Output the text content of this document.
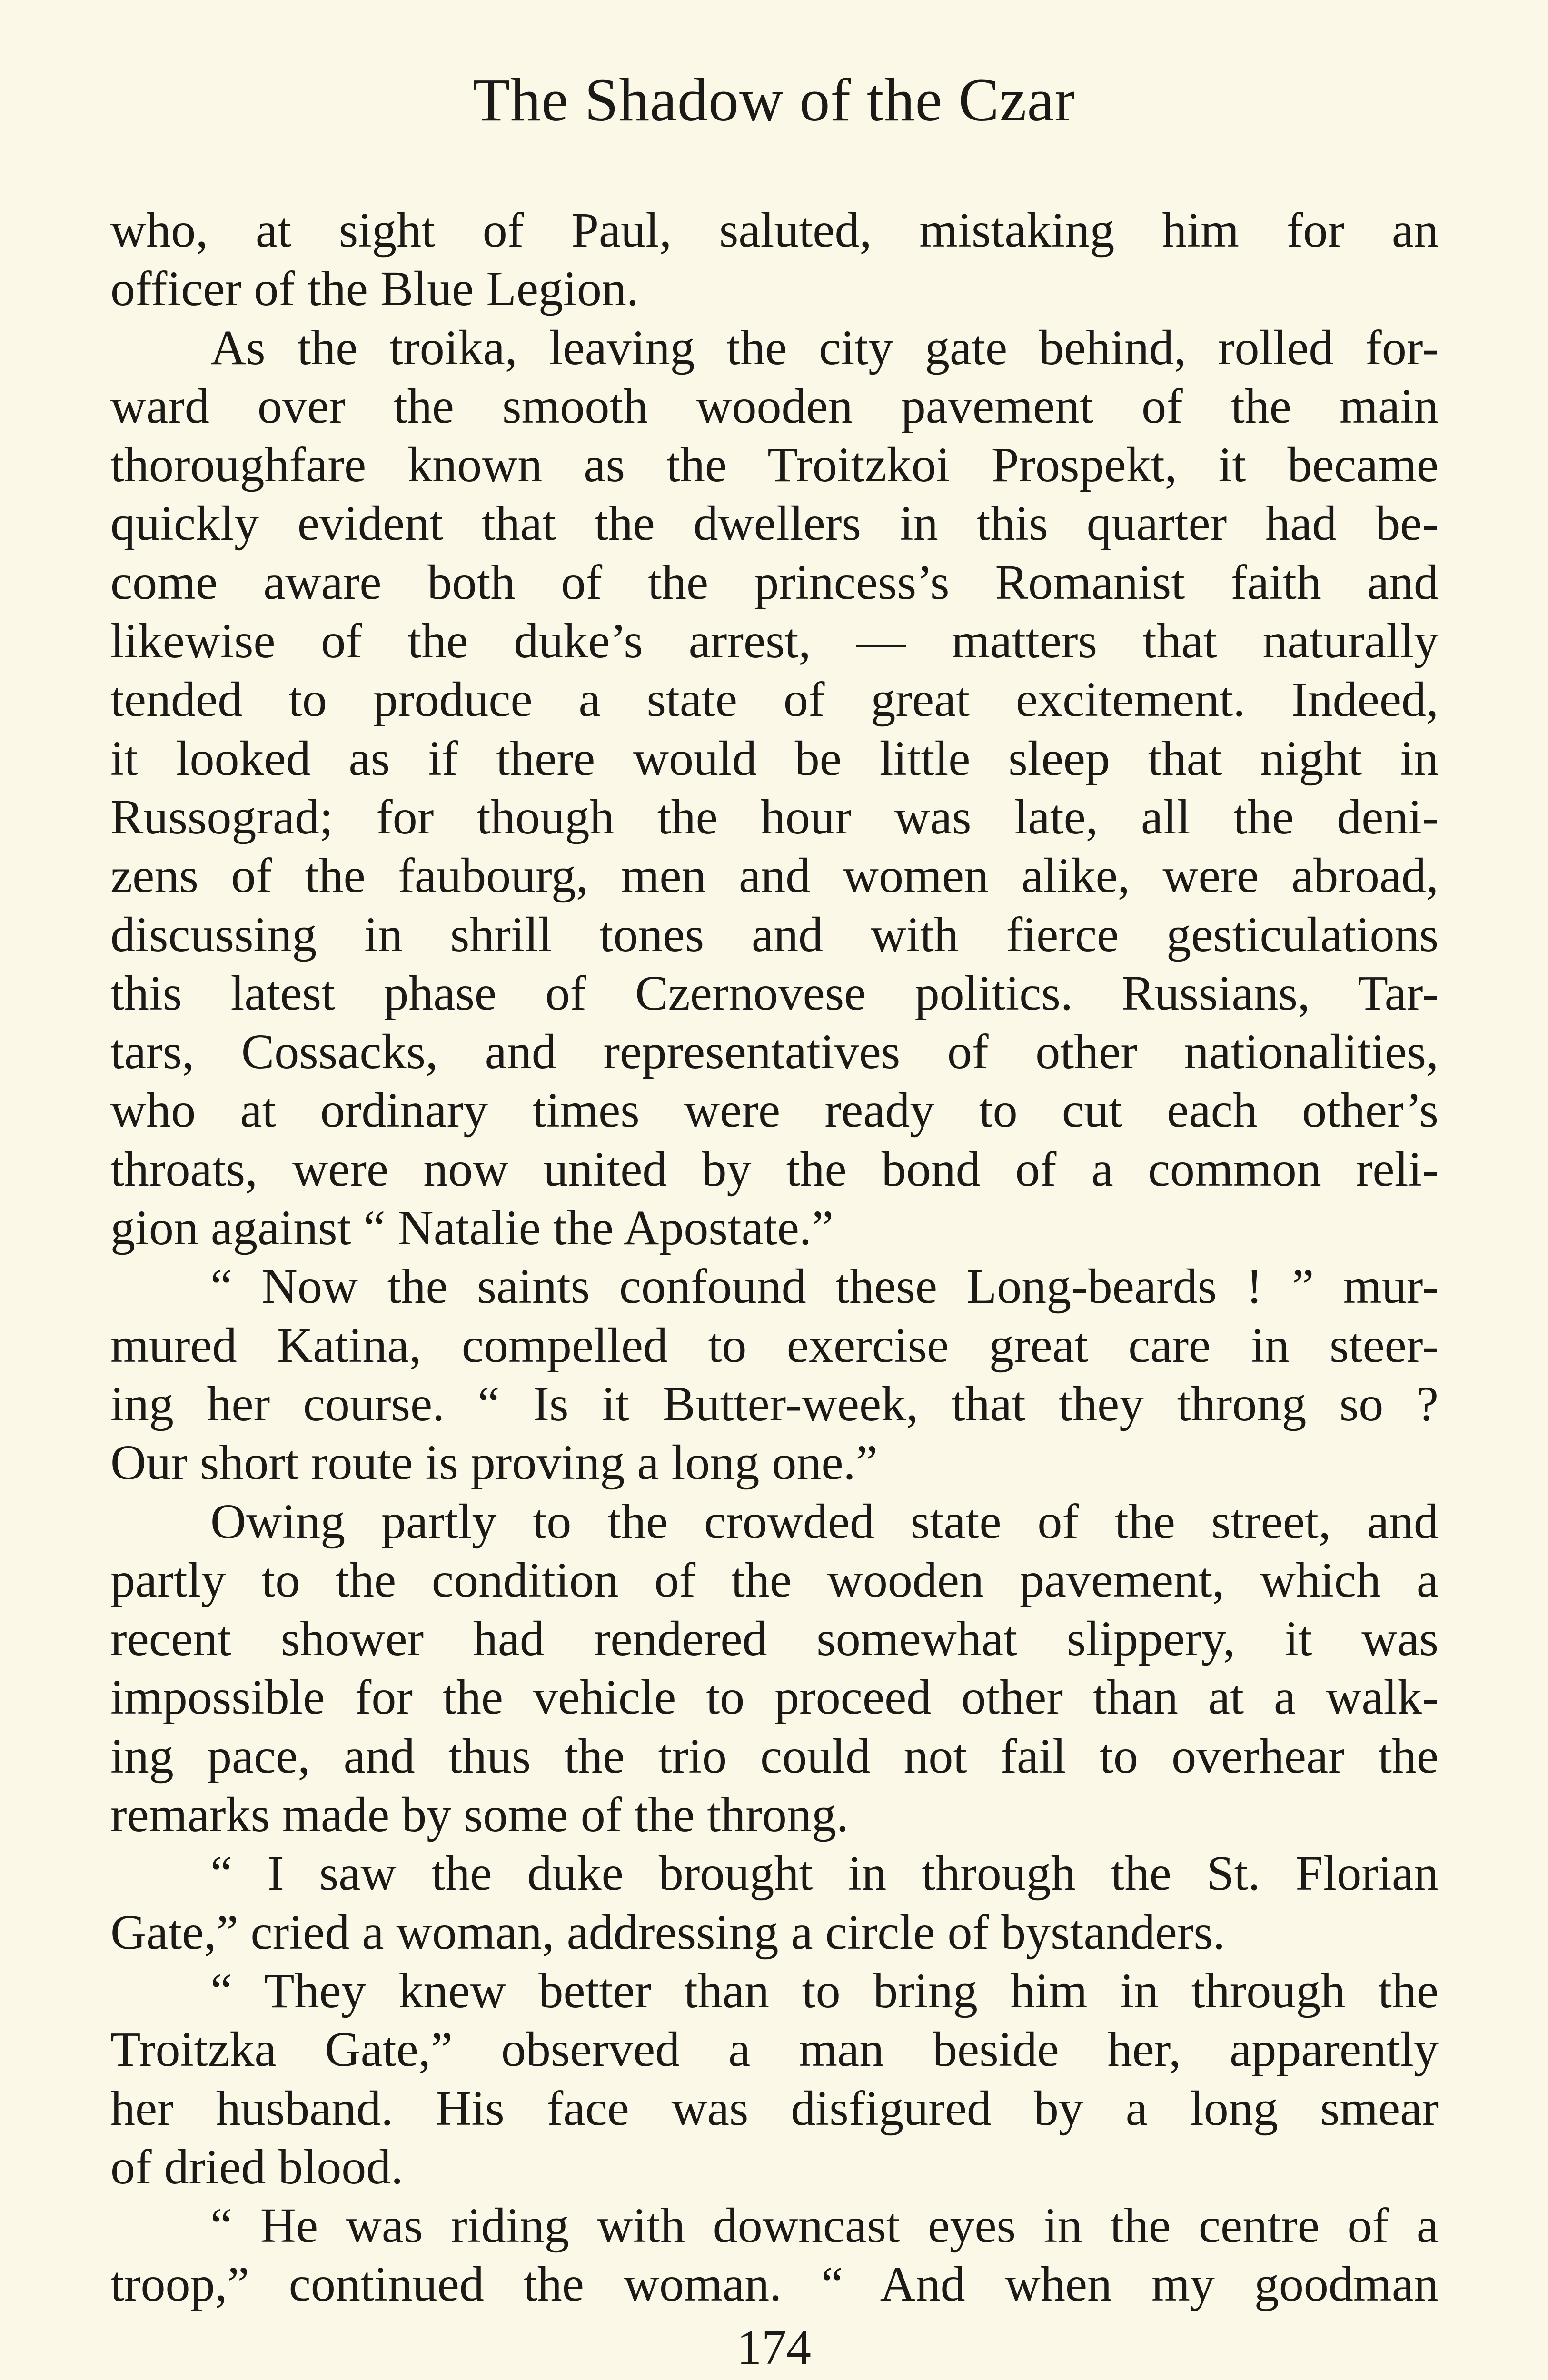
The Shadow of the Czar
who, at sight of Paul, saluted, mistaking him for an
officer of the Blue Legion.
As the troika, leaving the city gate behind, rolled for-
ward over the smooth wooden pavement of the main
thoroughfare known as the Troitzkoi Prospekt, it became
quickly evident that the dwellers in this quarter had be-
come aware both of the princess’s Romanist faith and
likewise of the duke’s arrest, — matters that naturally
tended to produce a state of great excitement. Indeed,
it looked as if there would be little sleep that night in
Russograd; for though the hour was late, all the deni-
zens of the faubourg, men and women alike, were abroad,
discussing in shrill tones and with fierce gesticulations
this latest phase of Czernovese politics. Russians, Tar-
tars, Cossacks, and representatives of other nationalities,
who at ordinary times were ready to cut each other’s
throats, were now united by the bond of a common reli-
gion against “ Natalie the Apostate.”
“ Now the saints confound these Long-beards ! ” mur-
mured Katina, compelled to exercise great care in steer-
ing her course. “ Is it Butter-week, that they throng so ?
Our short route is proving a long one.”
Owing partly to the crowded state of the street, and
partly to the condition of the wooden pavement, which a
recent shower had rendered somewhat slippery, it was
impossible for the vehicle to proceed other than at a walk-
ing pace, and thus the trio could not fail to overhear the
remarks made by some of the throng.
“ I saw the duke brought in through the St. Florian
Gate,” cried a woman, addressing a circle of bystanders.
“ They knew better than to bring him in through the
Troitzka Gate,” observed a man beside her, apparently
her husband. His face was disfigured by a long smear
of dried blood.
“ He was riding with downcast eyes in the centre of a
troop,” continued the woman. “ And when my goodman
174
